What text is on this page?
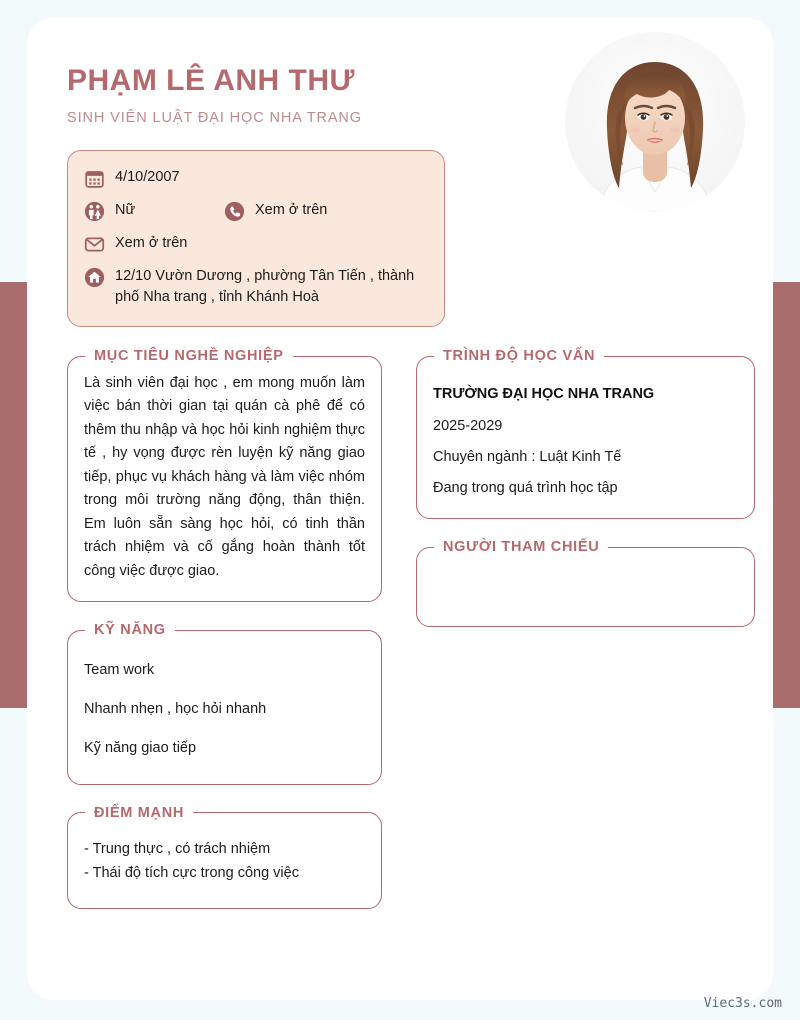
PHẠM LÊ ANH THƯ
SINH VIÊN LUẬT ĐẠI HỌC NHA TRANG
4/10/2007
Nữ	Xem ở trên
Xem ở trên
12/10 Vườn Dương , phường Tân Tiến , thành phố Nha trang , tỉnh Khánh Hoà
MỤC TIÊU NGHỀ NGHIỆP
Là sinh viên đại học , em mong muốn làm việc bán thời gian tại quán cà phê để có thêm thu nhập và học hỏi kinh nghiệm thực tế , hy vọng được rèn luyện kỹ năng giao tiếp, phục vụ khách hàng và làm việc nhóm trong môi trường năng động, thân thiện. Em luôn sẵn sàng học hỏi, có tinh thần trách nhiệm và cố gắng hoàn thành tốt công việc được giao.
KỸ NĂNG
Team work
Nhanh nhẹn , học hỏi nhanh
Kỹ năng giao tiếp
ĐIỂM MẠNH
- Trung thực , có trách nhiệm
- Thái độ tích cực trong công việc
TRÌNH ĐỘ HỌC VẤN
TRƯỜNG ĐẠI HỌC NHA TRANG
2025-2029
Chuyên ngành : Luật Kinh Tế
Đang trong quá trình học tập
NGƯỜI THAM CHIẾU
Viec3s.com
